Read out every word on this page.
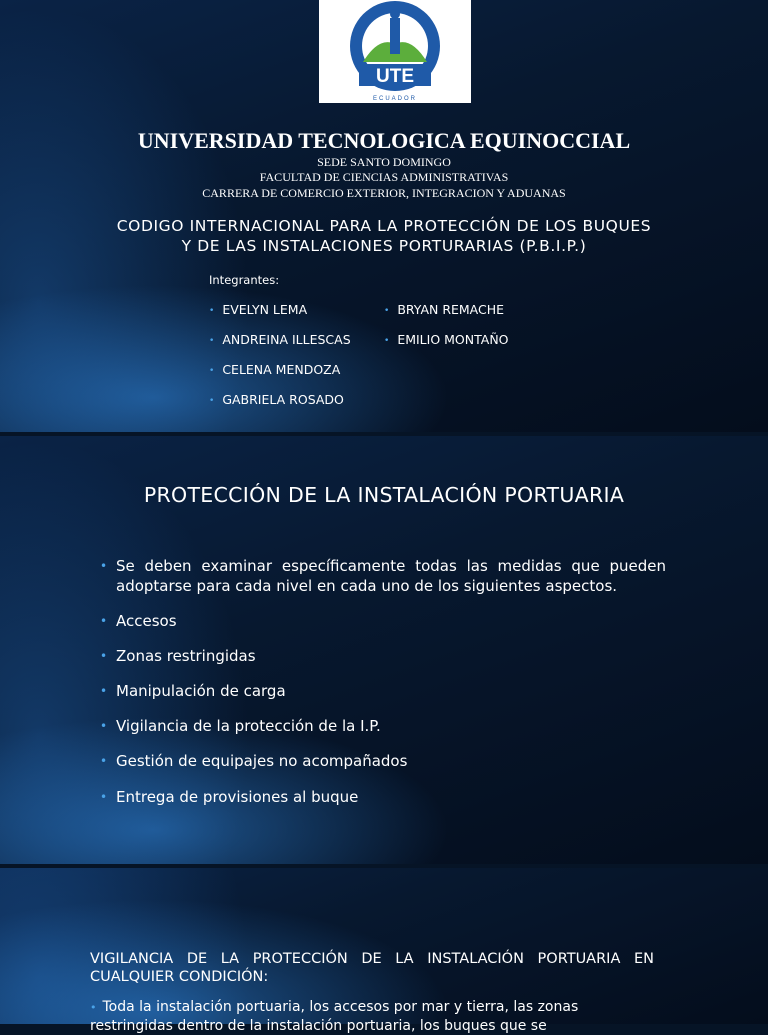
UTE
ECUADOR
UNIVERSIDAD TECNOLOGICA EQUINOCCIAL
SEDE SANTO DOMINGO
FACULTAD DE CIENCIAS ADMINISTRATIVAS
CARRERA DE COMERCIO EXTERIOR, INTEGRACION Y ADUANAS
CODIGO INTERNACIONAL PARA LA PROTECCIÓN DE LOS BUQUES
Y DE LAS INSTALACIONES PORTURARIAS (P.B.I.P.)
Integrantes:
• EVELYN LEMA
• ANDREINA ILLESCAS
• CELENA MENDOZA
• GABRIELA ROSADO
• BRYAN REMACHE
• EMILIO MONTAÑO
PROTECCIÓN DE LA INSTALACIÓN PORTUARIA
• Se deben examinar específicamente todas las medidas que pueden adoptarse para cada nivel en cada uno de los siguientes aspectos.
• Accesos
• Zonas restringidas
• Manipulación de carga
• Vigilancia de la protección de la I.P.
• Gestión de equipajes no acompañados
• Entrega de provisiones al buque
VIGILANCIA DE LA PROTECCIÓN DE LA INSTALACIÓN PORTUARIA EN CUALQUIER CONDICIÓN:
• Toda la instalación portuaria, los accesos por mar y tierra, las zonas restringidas dentro de la instalación portuaria, los buques que se
